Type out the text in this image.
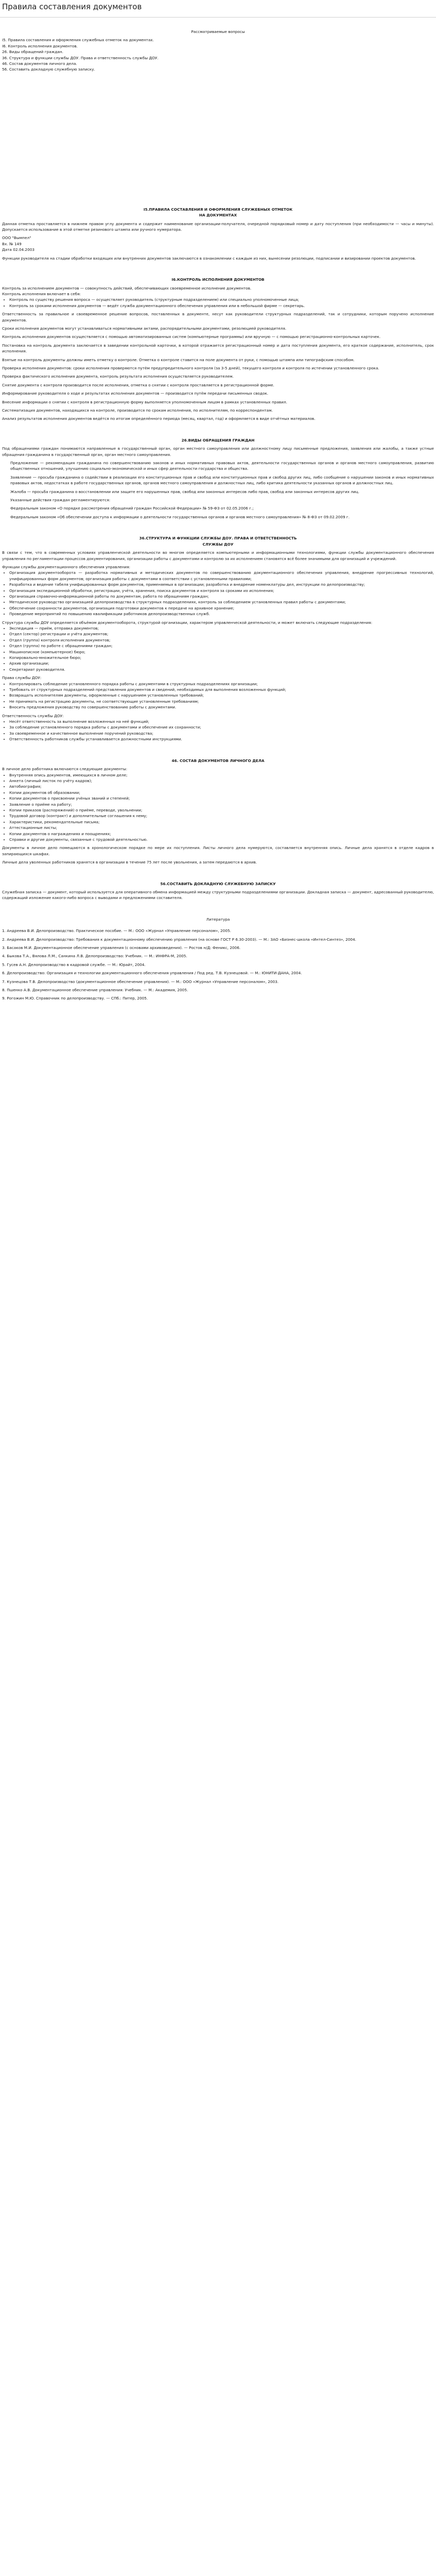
Правила составления документов
Рассматриваемые вопросы

I5. Правила составления и оформления служебных отметок на документах.

I6. Контроль исполнения документов.

26. Виды обращений граждан.

36. Структура и функции службы ДОУ. Права и ответственность службы ДОУ.

46. Состав документов личного дела.

56. Составить докладную служебную записку.

I5.ПРАВИЛА СОСТАВЛЕНИЯ И ОФОРМЛЕНИЯ СЛУЖЕБНЫХ ОТМЕТОК
НА ДОКУМЕНТАХ

Данная отметка проставляется в нижнем правом углу документа и содержит наименование организации-получателя, очередной порядковый номер и дату поступления (при необходимости — часы и минуты). Допускается использование в этой отметке резинового штампа или ручного нумератора.

ООО "Вымпел"

Вх. № 149

Дата 02.04.2003

Функции руководителя на стадии обработки входящих или внутренних документов заключаются в ознакомлении с каждым из них, вынесении резолюции, подписании и визировании проектов документов.

I6.КОНТРОЛЬ ИСПОЛНЕНИЯ ДОКУМЕНТОВ

Контроль за исполнением документов — совокупность действий, обеспечивающих своевременное исполнение документов.

Контроль исполнения включает в себя:

• Контроль по существу решения вопроса — осуществляет руководитель (структурным подразделением) или специально уполномоченные лица;
• Контроль за сроками исполнения документов — ведёт служба документационного обеспечения управления или в небольшой фирме — секретарь.

Ответственность за правильное и своевременное решение вопросов, поставленных в документе, несут как руководители структурных подразделений, так и сотрудники, которым поручено исполнение документов.

Сроки исполнения документов могут устанавливаться нормативными актами, распорядительными документами, резолюцией руководителя.

Контроль исполнения документов осуществляется с помощью автоматизированных систем (компьютерные программы) или вручную — с помощью регистрационно-контрольных карточек.

Постановка на контроль документа заключается в заведении контрольной карточки, в которой отражается регистрационный номер и дата поступления документа, его краткое содержание, исполнитель, срок исполнения.

Взятые на контроль документы должны иметь отметку о контроле. Отметка о контроле ставится на поле документа от руки, с помощью штампа или типографским способом.

Проверка исполнения документов: сроки исполнения проверяются путём предупредительного контроля (за 3-5 дней), текущего контроля и контроля по истечении установленного срока.

Проверка фактического исполнения документа, контроль результата исполнения осуществляется руководителем.

Снятие документа с контроля производится после исполнения, отметка о снятии с контроля проставляется в регистрационной форме.

Информирование руководителя о ходе и результатах исполнения документов — производится путём передачи письменных сводок.

Внесение информации о снятии с контроля в регистрационную форму выполняется уполномоченным лицом в рамках установленных правил.

Систематизация документов, находящихся на контроле, производится по срокам исполнения, по исполнителям, по корреспондентам.

Анализ результатов исполнения документов ведётся по итогам определённого периода (месяц, квартал, год) и оформляется в виде отчётных материалов.

26.ВИДЫ ОБРАЩЕНИЯ ГРАЖДАН

Под обращениями граждан понимаются направленные в государственный орган, орган местного самоуправления или должностному лицу письменные предложения, заявления или жалобы, а также устные обращения гражданина в государственный орган, орган местного самоуправления.

Предложение — рекомендация гражданина по совершенствованию законов и иных нормативных правовых актов, деятельности государственных органов и органов местного самоуправления, развитию общественных отношений, улучшению социально-экономической и иных сфер деятельности государства и общества.

Заявление — просьба гражданина о содействии в реализации его конституционных прав и свобод или конституционных прав и свобод других лиц, либо сообщение о нарушении законов и иных нормативных правовых актов, недостатках в работе государственных органов, органов местного самоуправления и должностных лиц, либо критика деятельности указанных органов и должностных лиц.

Жалоба — просьба гражданина о восстановлении или защите его нарушенных прав, свобод или законных интересов либо прав, свобод или законных интересов других лиц.

Указанные действия граждан регламентируются:

Федеральным законом «О порядке рассмотрения обращений граждан Российской Федерации» № 59-ФЗ от 02.05.2006 г.;

Федеральным законом «Об обеспечении доступа к информации о деятельности государственных органов и органов местного самоуправления» № 8-ФЗ от 09.02.2009 г.

36.СТРУКТУРА И ФУНКЦИИ СЛУЖБЫ ДОУ. ПРАВА И ОТВЕТСТВЕННОСТЬ
СЛУЖБЫ ДОУ

В связи с тем, что в современных условиях управленческой деятельности во многом определяется компьютерными и информационными технологиями, функции службы документационного обеспечения управления по регламентации процессов документирования, организации работы с документами и контролю за их исполнением становятся всё более значимыми для организаций и учреждений.

Функции службы документационного обеспечения управления:

• Организация документооборота — разработка нормативных и методических документов по совершенствованию документационного обеспечения управления, внедрение прогрессивных технологий, унифицированных форм документов; организация работы с документами в соответствии с установленными правилами;
• Разработка и ведение табеля унифицированных форм документов, применяемых в организации; разработка и внедрение номенклатуры дел, инструкции по делопроизводству;
• Организация экспедиционной обработки, регистрации, учёта, хранения, поиска документов и контроля за сроками их исполнения;
• Организация справочно-информационной работы по документам, работа по обращениям граждан;
• Методическое руководство организацией делопроизводства в структурных подразделениях, контроль за соблюдением установленных правил работы с документами;
• Обеспечение сохранности документов, организация подготовки документов к передаче на архивное хранение;
• Проведение мероприятий по повышению квалификации работников делопроизводственных служб.

Структура службы ДОУ определяется объёмом документооборота, структурой организации, характером управленческой деятельности, и может включать следующие подразделения:

• Экспедиция — приём, отправка документов;
• Отдел (сектор) регистрации и учёта документов;
• Отдел (группа) контроля исполнения документов;
• Отдел (группа) по работе с обращениями граждан;
• Машинописное (компьютерное) бюро;
• Копировально-множительное бюро;
• Архив организации;
• Секретариат руководителя.

Права службы ДОУ:

• Контролировать соблюдение установленного порядка работы с документами в структурных подразделениях организации;
• Требовать от структурных подразделений представления документов и сведений, необходимых для выполнения возложенных функций;
• Возвращать исполнителям документы, оформленные с нарушением установленных требований;
• Не принимать на регистрацию документы, не соответствующие установленным требованиям;
• Вносить предложения руководству по совершенствованию работы с документами.

Ответственность службы ДОУ:

• Несёт ответственность за выполнение возложенных на неё функций;
• За соблюдение установленного порядка работы с документами и обеспечение их сохранности;
• За своевременное и качественное выполнение поручений руководства;
• Ответственность работников службы устанавливается должностными инструкциями.
46. СОСТАВ ДОКУМЕНТОВ ЛИЧНОГО ДЕЛА

В личное дело работника включаются следующие документы:

• Внутренняя опись документов, имеющихся в личном деле;
• Анкета (личный листок по учёту кадров);
• Автобиография;
• Копии документов об образовании;
• Копии документов о присвоении учёных званий и степеней;
• Заявление о приёме на работу;
• Копии приказов (распоряжений) о приёме, переводе, увольнении;
• Трудовой договор (контракт) и дополнительные соглашения к нему;
• Характеристики, рекомендательные письма;
• Аттестационные листы;
• Копии документов о награждениях и поощрениях;
• Справки и другие документы, связанные с трудовой деятельностью.

Документы в личное дело помещаются в хронологическом порядке по мере их поступления. Листы личного дела нумеруются, составляется внутренняя опись. Личные дела хранятся в отделе кадров в запирающихся шкафах.

Личные дела уволенных работников хранятся в организации в течение 75 лет после увольнения, а затем передаются в архив.

56.СОСТАВИТЬ ДОКЛАДНУЮ СЛУЖЕБНУЮ ЗАПИСКУ

Служебная записка — документ, который используется для оперативного обмена информацией между структурными подразделениями организации. Докладная записка — документ, адресованный руководителю, содержащий изложение какого-либо вопроса с выводами и предложениями составителя.

Литература

1. Андреева В.И. Делопроизводство. Практическое пособие. — М.: ООО «Журнал «Управление персоналом», 2005.

2. Андреева В.И. Делопроизводство: Требования к документационному обеспечению управления (на основе ГОСТ Р 6.30-2003). — М.: ЗАО «Бизнес-школа «Интел-Синтез», 2004.

3. Басаков М.И. Документационное обеспечение управления (с основами архивоведения). — Ростов н/Д: Феникс, 2006.

4. Быкова Т.А., Вялова Л.М., Санкина Л.В. Делопроизводство: Учебник. — М.: ИНФРА-М, 2005.

5. Гусев А.Н. Делопроизводство в кадровой службе. — М.: Юрайт, 2004.

6. Делопроизводство: Организация и технологии документационного обеспечения управления / Под ред. Т.В. Кузнецовой. — М.: ЮНИТИ-ДАНА, 2004.

7. Кузнецова Т.В. Делопроизводство (документационное обеспечение управления). — М.: ООО «Журнал «Управление персоналом», 2003.

8. Пшенко А.В. Документационное обеспечение управления: Учебник. — М.: Академия, 2005.

9. Рогожин М.Ю. Справочник по делопроизводству. — СПб.: Питер, 2005.
